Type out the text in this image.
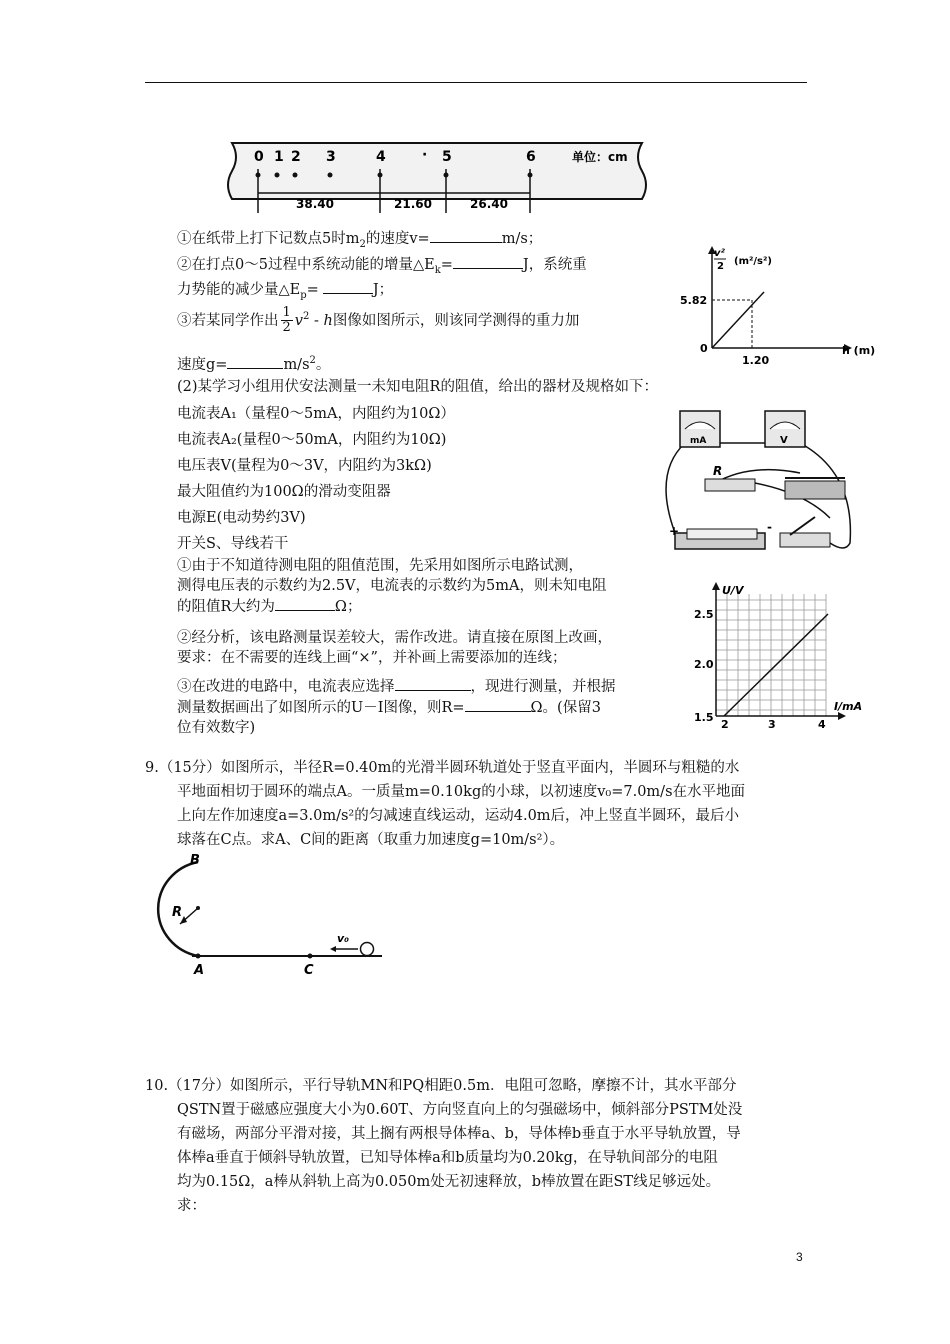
0 1 2 3	4	· 5	6	单位：cm
38.40	21.60	26.40
①在纸带上打下记数点5时$m_2$的速度v=	m/s；
②在打点0～5过程中系统动能的增量$\triangle E_k=$	J，系统重
力势能的减少量$\triangle E_p=$	J；
③若某同学作出 $\frac{1}{2} v^2$ - h图像如图所示，则该同学测得的重力加
速度g=	$m/s^2$。
v²
2 (m²/s²)
5.82
0
1.20
h (m)
(2)某学习小组用伏安法测量一未知电阻R的阻值，给出的器材及规格如下：
电流表A₁（量程0～5mA，内阻约为10Ω）
电流表A₂(量程0～50mA，内阻约为10Ω)
电压表V(量程为0～3V，内阻约为3kΩ)
最大阻值约为100Ω的滑动变阻器
电源E(电动势约3V)
开关S、导线若干
①由于不知道待测电阻的阻值范围，先采用如图所示电路试测，
测得电压表的示数约为2.5V，电流表的示数约为5mA，则未知电阻
的阻值R大约为	Ω；
②经分析，该电路测量误差较大，需作改进。请直接在原图上改画，
要求：在不需要的连线上画“×”，并补画上需要添加的连线；
③在改进的电路中，电流表应选择	，现进行测量，并根据
测量数据画出了如图所示的U－I图像，则R=	Ω。(保留3
位有效数字)
mA	V
R
+	-
U/V
I/mA
2.5
2.0
1.5
2	3	4
9.（15分）如图所示，半径R=0.40m的光滑半圆环轨道处于竖直平面内，半圆环与粗糙的水
平地面相切于圆环的端点A。一质量m=0.10kg的小球，以初速度v₀=7.0m/s在水平地面
上向左作加速度a=3.0m/s²的匀减速直线运动，运动4.0m后，冲上竖直半圆环，最后小
球落在C点。求A、C间的距离（取重力加速度g=10m/s²）。
B
R
A	C
v₀
10.（17分）如图所示，平行导轨MN和PQ相距0.5m．电阻可忽略，摩擦不计，其水平部分
QSTN置于磁感应强度大小为0.60T、方向竖直向上的匀强磁场中，倾斜部分PSTM处没
有磁场，两部分平滑对接，其上搁有两根导体棒a、b，导体棒b垂直于水平导轨放置，导
体棒a垂直于倾斜导轨放置，已知导体棒a和b质量均为0.20kg，在导轨间部分的电阻
均为0.15Ω，a棒从斜轨上高为0.050m处无初速释放，b棒放置在距ST线足够远处。
求：
3
